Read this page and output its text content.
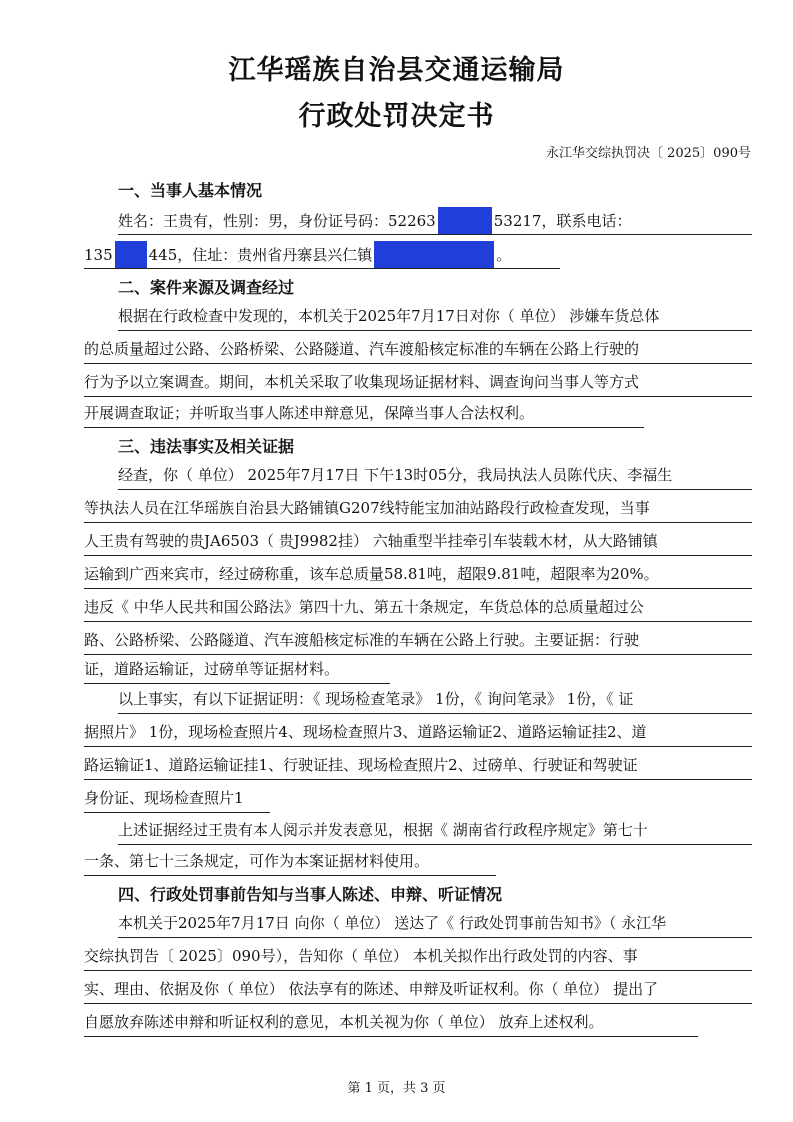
江华瑶族自治县交通运输局
行政处罚决定书
永江华交综执罚决〔 2025〕090号
一、当事人基本情况
姓名：王贵有，性别：男，身份证号码：52263	53217，联系电话：
135 445，住址：贵州省丹寨县兴仁镇	。
二、案件来源及调查经过
根据在行政检查中发现的，本机关于2025年7月17日对你（ 单位） 涉嫌车货总体
的总质量超过公路、公路桥梁、公路隧道、汽车渡船核定标准的车辆在公路上行驶的
行为予以立案调查。期间，本机关采取了收集现场证据材料、调查询问当事人等方式
开展调查取证；并听取当事人陈述申辩意见，保障当事人合法权利。
三、违法事实及相关证据
经查，你（ 单位） 2025年7月17日 下午13时05分，我局执法人员陈代庆、李福生
等执法人员在江华瑶族自治县大路铺镇G207线特能宝加油站路段行政检查发现，当事
人王贵有驾驶的贵JA6503（ 贵J9982挂） 六轴重型半挂牵引车装载木材，从大路铺镇
运输到广西来宾市，经过磅称重，该车总质量58.81吨，超限9.81吨，超限率为20%。
违反《 中华人民共和国公路法》第四十九、第五十条规定，车货总体的总质量超过公
路、公路桥梁、公路隧道、汽车渡船核定标准的车辆在公路上行驶。主要证据：行驶
证，道路运输证，过磅单等证据材料。
以上事实，有以下证据证明：《 现场检查笔录》 1份，《 询问笔录》 1份，《 证
据照片》 1份，现场检查照片4、现场检查照片3、道路运输证2、道路运输证挂2、道
路运输证1、道路运输证挂1、行驶证挂、现场检查照片2、过磅单、行驶证和驾驶证
身份证、现场检查照片1
上述证据经过王贵有本人阅示并发表意见，根据《 湖南省行政程序规定》第七十
一条、第七十三条规定，可作为本案证据材料使用。
四、行政处罚事前告知与当事人陈述、申辩、听证情况
本机关于2025年7月17日 向你（ 单位） 送达了《 行政处罚事前告知书》（ 永江华
交综执罚告〔 2025〕090号），告知你（ 单位） 本机关拟作出行政处罚的内容、事
实、理由、依据及你（ 单位） 依法享有的陈述、申辩及听证权利。你（ 单位） 提出了
自愿放弃陈述申辩和听证权利的意见，本机关视为你（ 单位） 放弃上述权利。
第 1 页，共 3 页
